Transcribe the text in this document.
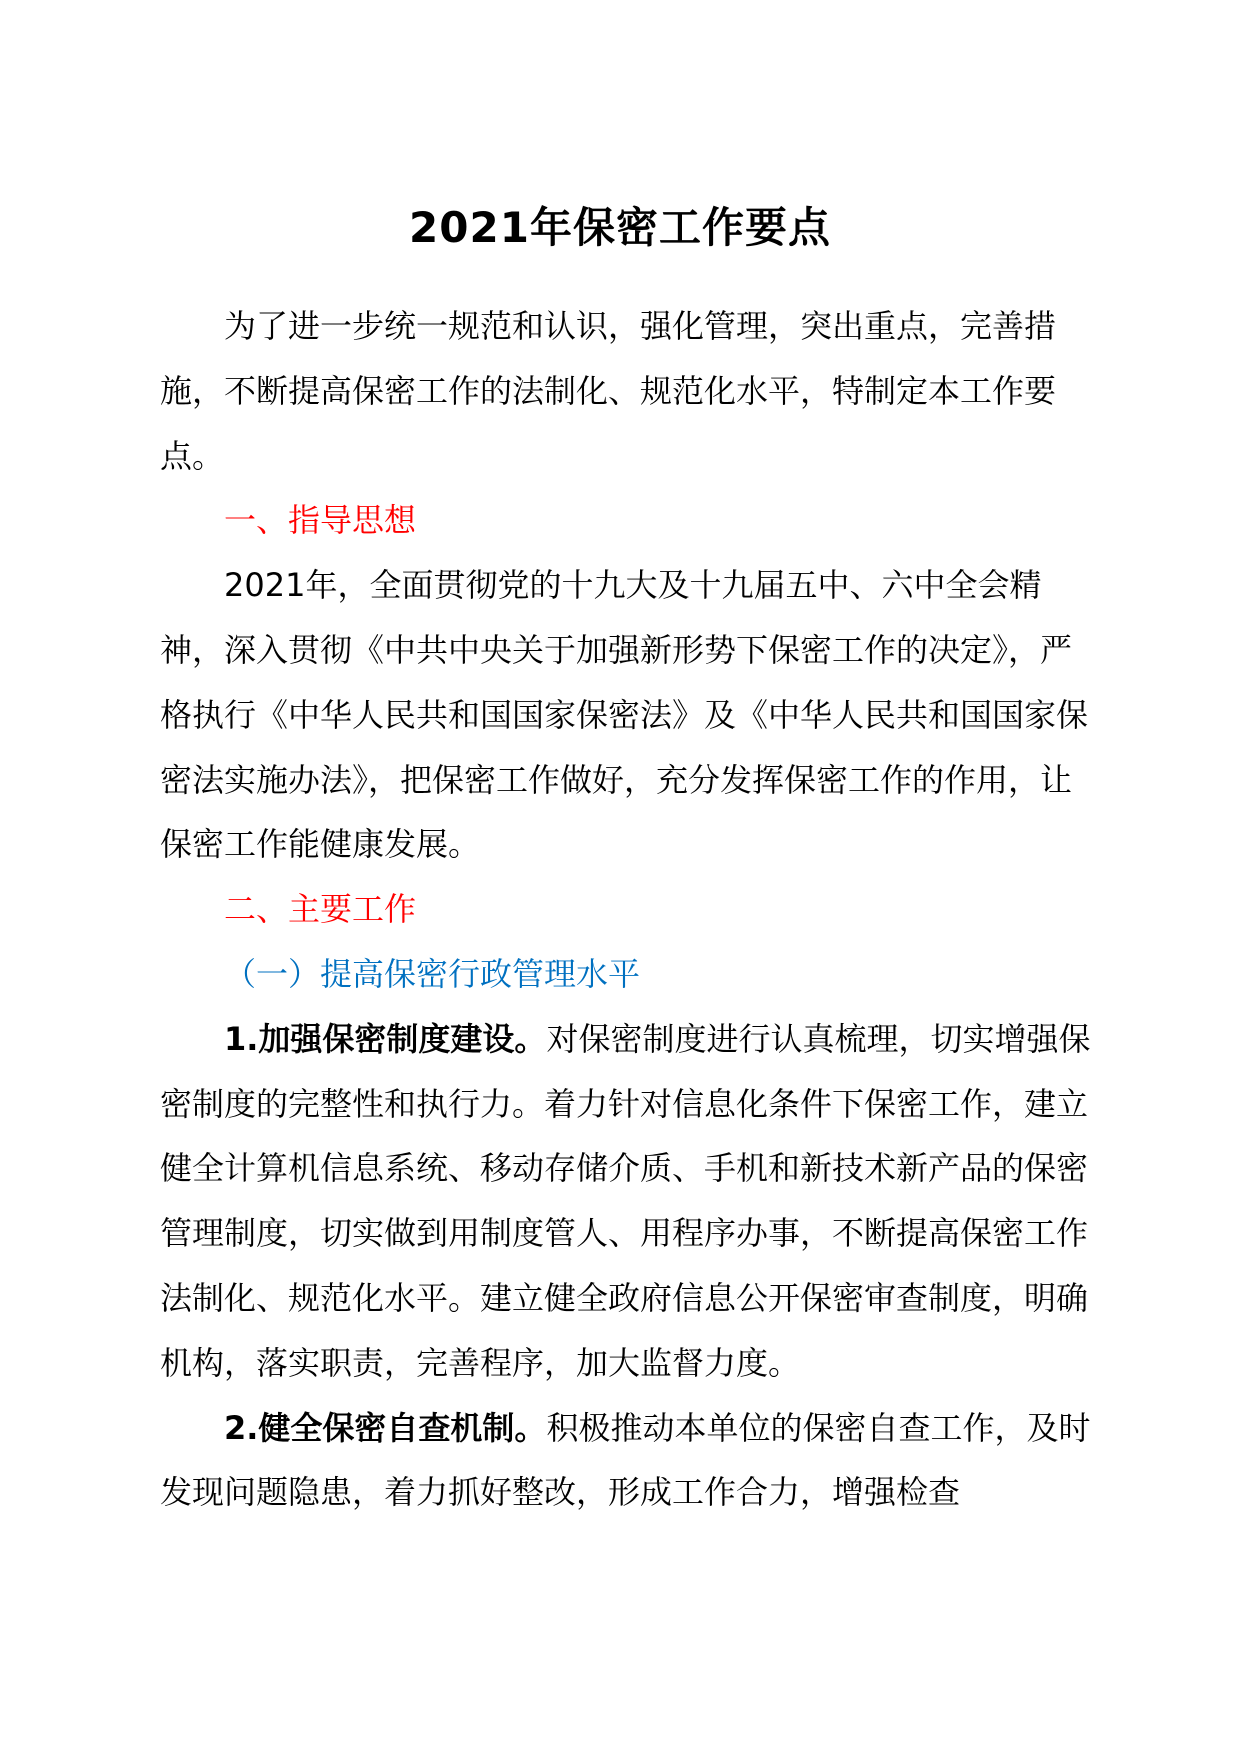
2021年保密工作要点

为了进一步统一规范和认识，强化管理，突出重点，完善措施，不断提高保密工作的法制化、规范化水平，特制定本工作要点。

一、指导思想

2021年，全面贯彻党的十九大及十九届五中、六中全会精神，深入贯彻《中共中央关于加强新形势下保密工作的决定》，严格执行《中华人民共和国国家保密法》及《中华人民共和国国家保密法实施办法》，把保密工作做好，充分发挥保密工作的作用，让保密工作能健康发展。

二、主要工作

（一）提高保密行政管理水平

1.加强保密制度建设。对保密制度进行认真梳理，切实增强保密制度的完整性和执行力。着力针对信息化条件下保密工作，建立健全计算机信息系统、移动存储介质、手机和新技术新产品的保密管理制度，切实做到用制度管人、用程序办事，不断提高保密工作法制化、规范化水平。建立健全政府信息公开保密审查制度，明确机构，落实职责，完善程序，加大监督力度。

2.健全保密自查机制。积极推动本单位的保密自查工作，及时发现问题隐患，着力抓好整改，形成工作合力，增强检查
